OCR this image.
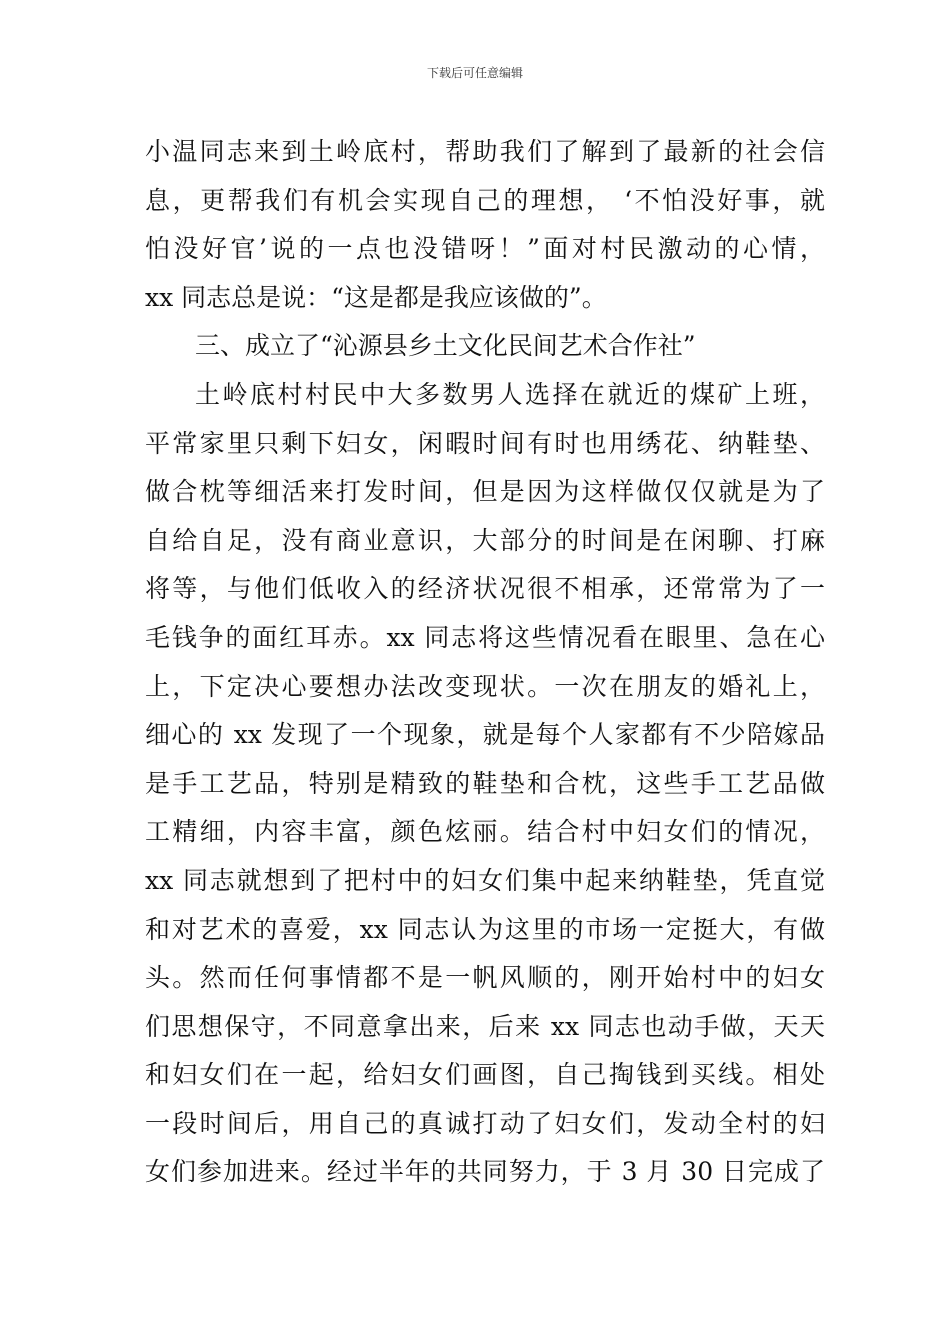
下载后可任意编辑
小温同志来到土岭底村，帮助我们了解到了最新的社会信
息，更帮我们有机会实现自己的理想， ‘不怕没好事，就
怕没好官’说的一点也没错呀！”面对村民激动的心情，
xx 同志总是说：“这是都是我应该做的”。
三、成立了“沁源县乡土文化民间艺术合作社”
土岭底村村民中大多数男人选择在就近的煤矿上班，
平常家里只剩下妇女，闲暇时间有时也用绣花、纳鞋垫、
做合枕等细活来打发时间，但是因为这样做仅仅就是为了
自给自足，没有商业意识，大部分的时间是在闲聊、打麻
将等，与他们低收入的经济状况很不相承，还常常为了一
毛钱争的面红耳赤。xx 同志将这些情况看在眼里、急在心
上，下定决心要想办法改变现状。一次在朋友的婚礼上，
细心的 xx 发现了一个现象，就是每个人家都有不少陪嫁品
是手工艺品，特别是精致的鞋垫和合枕，这些手工艺品做
工精细，内容丰富，颜色炫丽。结合村中妇女们的情况，
xx 同志就想到了把村中的妇女们集中起来纳鞋垫，凭直觉
和对艺术的喜爱，xx 同志认为这里的市场一定挺大，有做
头。然而任何事情都不是一帆风顺的，刚开始村中的妇女
们思想保守，不同意拿出来，后来 xx 同志也动手做，天天
和妇女们在一起，给妇女们画图，自己掏钱到买线。相处
一段时间后，用自己的真诚打动了妇女们，发动全村的妇
女们参加进来。经过半年的共同努力，于 3 月 30 日完成了
